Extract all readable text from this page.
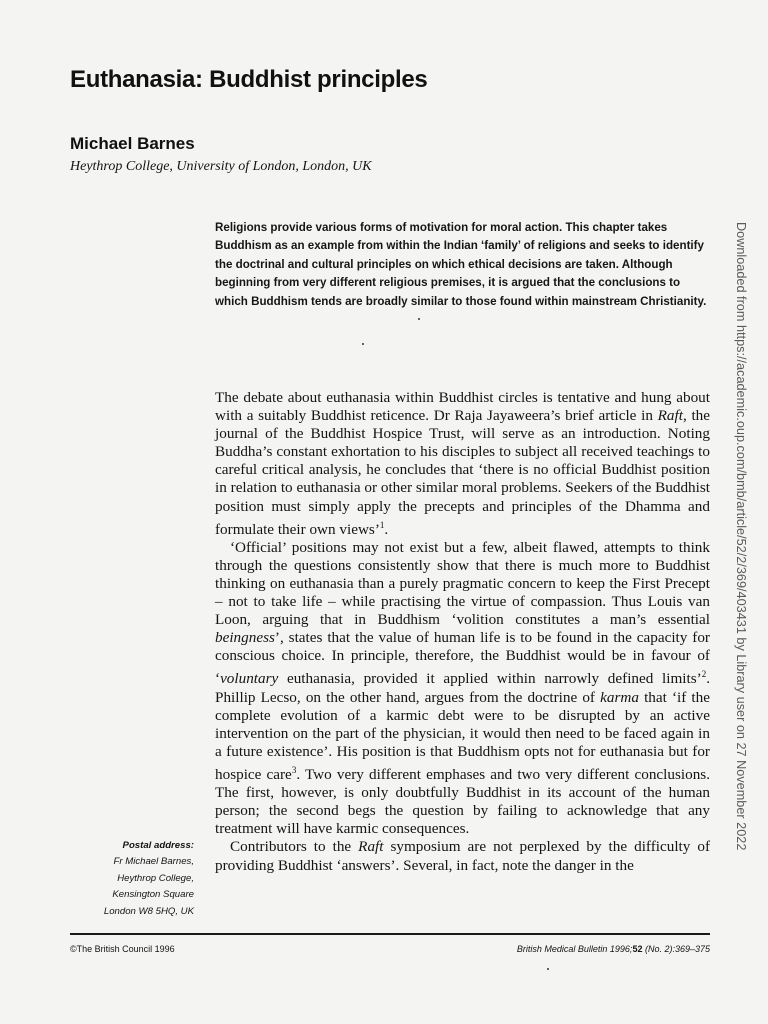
Euthanasia: Buddhist principles
Michael Barnes
Heythrop College, University of London, London, UK

Religions provide various forms of motivation for moral action. This chapter takes Buddhism as an example from within the Indian ‘family’ of religions and seeks to identify the doctrinal and cultural principles on which ethical decisions are taken. Although beginning from very different religious premises, it is argued that the conclusions to which Buddhism tends are broadly similar to those found within mainstream Christianity.

The debate about euthanasia within Buddhist circles is tentative and hung about with a suitably Buddhist reticence. Dr Raja Jayaweera’s brief article in Raft, the journal of the Buddhist Hospice Trust, will serve as an introduction. Noting Buddha’s constant exhortation to his disciples to subject all received teachings to careful critical analysis, he concludes that ‘there is no official Buddhist position in relation to euthanasia or other similar moral problems. Seekers of the Buddhist position must simply apply the precepts and principles of the Dhamma and formulate their own views’$^1$.

‘Official’ positions may not exist but a few, albeit flawed, attempts to think through the questions consistently show that there is much more to Buddhist thinking on euthanasia than a purely pragmatic concern to keep the First Precept – not to take life – while practising the virtue of compassion. Thus Louis van Loon, arguing that in Buddhism ‘volition constitutes a man’s essential beingness’, states that the value of human life is to be found in the capacity for conscious choice. In principle, therefore, the Buddhist would be in favour of ‘voluntary euthanasia, provided it applied within narrowly defined limits’$^2$. Phillip Lecso, on the other hand, argues from the doctrine of karma that ‘if the complete evolution of a karmic debt were to be disrupted by an active intervention on the part of the physician, it would then need to be faced again in a future existence’. His position is that Buddhism opts not for euthanasia but for hospice care$^3$. Two very different emphases and two very different conclusions. The first, however, is only doubtfully Buddhist in its account of the human person; the second begs the question by failing to acknowledge that any treatment will have karmic consequences.

Contributors to the Raft symposium are not perplexed by the difficulty of providing Buddhist ‘answers’. Several, in fact, note the danger in the

Postal address:
Fr Michael Barnes,
Heythrop College,
Kensington Square
London W8 5HQ, UK
©The British Council 1996	British Medical Bulletin 1996;52 (No. 2):369–375
Downloaded from https://academic.oup.com/bmb/article/52/2/369/403431 by Library user on 27 November 2022
